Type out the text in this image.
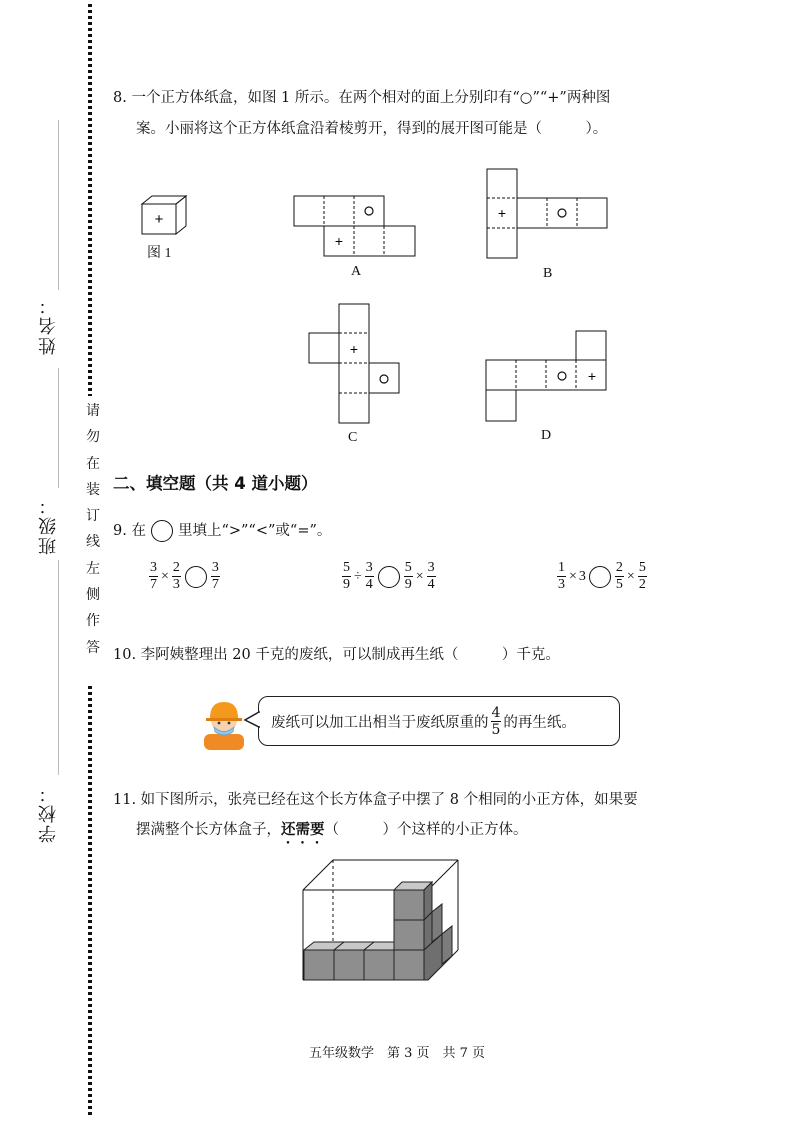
姓名：
班级：
学校：
请
勿
在
装
订
线
左
侧
作
答
8. 一个正方体纸盒，如图 1 所示。在两个相对的面上分别印有“○”“+”两种图
案。小丽将这个正方体纸盒沿着棱剪开，得到的展开图可能是（　　　）。
+
图 1
+
A
+
B
+
C
+
D
二、填空题（共 4 道小题）
9. 在 里填上“>”“<”或“=”。
$\frac{3}{7} \times \frac{2}{3} \frac{3}{7}$	$\frac{5}{9} \div \frac{3}{4} \frac{5}{9} \times \frac{3}{4}$	$\frac{1}{3} \times 3 \frac{2}{5} \times \frac{5}{2}$
10. 李阿姨整理出 20 千克的废纸，可以制成再生纸（　　　）千克。
废纸可以加工出相当于废纸原重的 $\frac{4}{5}$ 的再生纸。
11. 如下图所示，张亮已经在这个长方体盒子中摆了 8 个相同的小正方体，如果要
摆满整个长方体盒子，还需要（　　　）个这样的小正方体。
五年级数学　第 3 页　共 7 页
